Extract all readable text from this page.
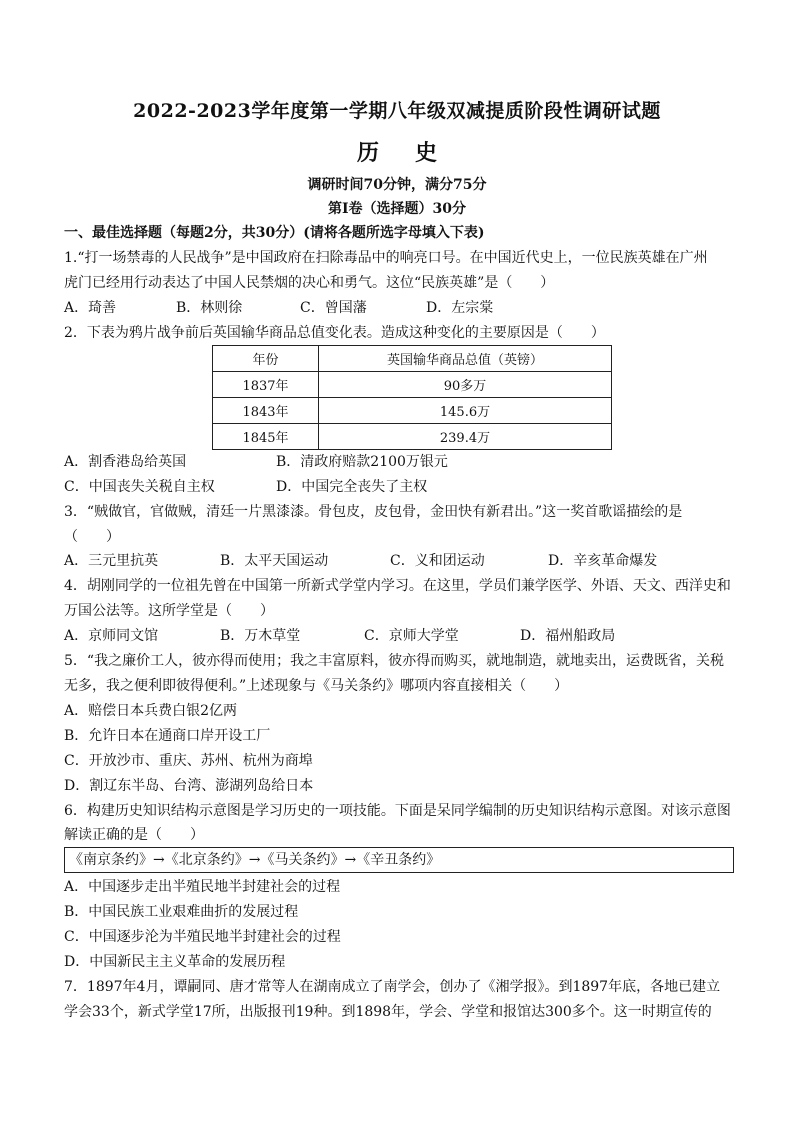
2022-2023学年度第一学期八年级双减提质阶段性调研试题
历 史
调研时间70分钟，满分75分
第Ⅰ卷（选择题）30分
一、最佳选择题（每题2分，共30分）(请将各题所选字母填入下表)
1.“打一场禁毒的人民战争”是中国政府在扫除毒品中的响亮口号。在中国近代史上，一位民族英雄在广州
虎门已经用行动表达了中国人民禁烟的决心和勇气。这位“民族英雄”是（　　）
A．琦善	B．林则徐	C．曾国藩	D．左宗棠
2．下表为鸦片战争前后英国输华商品总值变化表。造成这种变化的主要原因是（　　）
年份	英国输华商品总值（英镑）
1837年	90多万
1843年	145.6万
1845年	239.4万
A．割香港岛给英国	B．清政府赔款2100万银元
C．中国丧失关税自主权	D．中国完全丧失了主权
3．“贼做官，官做贼，清廷一片黑漆漆。骨包皮，皮包骨，金田快有新君出。”这一奖首歌谣描绘的是
（　　）
A．三元里抗英	B．太平天国运动	C．义和团运动	D．辛亥革命爆发
4．胡刚同学的一位祖先曾在中国第一所新式学堂内学习。在这里，学员们兼学医学、外语、天文、西洋史和
万国公法等。这所学堂是（　　）
A．京师同文馆	B．万木草堂	C．京师大学堂	D．福州船政局
5．“我之廉价工人，彼亦得而使用；我之丰富原料，彼亦得而购买，就地制造，就地卖出，运费既省，关税
无多，我之便利即彼得便利。”上述现象与《马关条约》哪项内容直接相关（　　）
A．赔偿日本兵费白银2亿两
B．允许日本在通商口岸开设工厂
C．开放沙市、重庆、苏州、杭州为商埠
D．割辽东半岛、台湾、澎湖列岛给日本
6．构建历史知识结构示意图是学习历史的一项技能。下面是呆同学编制的历史知识结构示意图。对该示意图
解读正确的是（　　）
《南京条约》→《北京条约》→《马关条约》→《辛丑条约》
A．中国逐步走出半殖民地半封建社会的过程
B．中国民族工业艰难曲折的发展过程
C．中国逐步沦为半殖民地半封建社会的过程
D．中国新民主主义革命的发展历程
7．1897年4月，谭嗣同、唐才常等人在湖南成立了南学会，创办了《湘学报》。到1897年底，各地已建立
学会33个，新式学堂17所，出版报刊19种。到1898年，学会、学堂和报馆达300多个。这一时期宣传的
